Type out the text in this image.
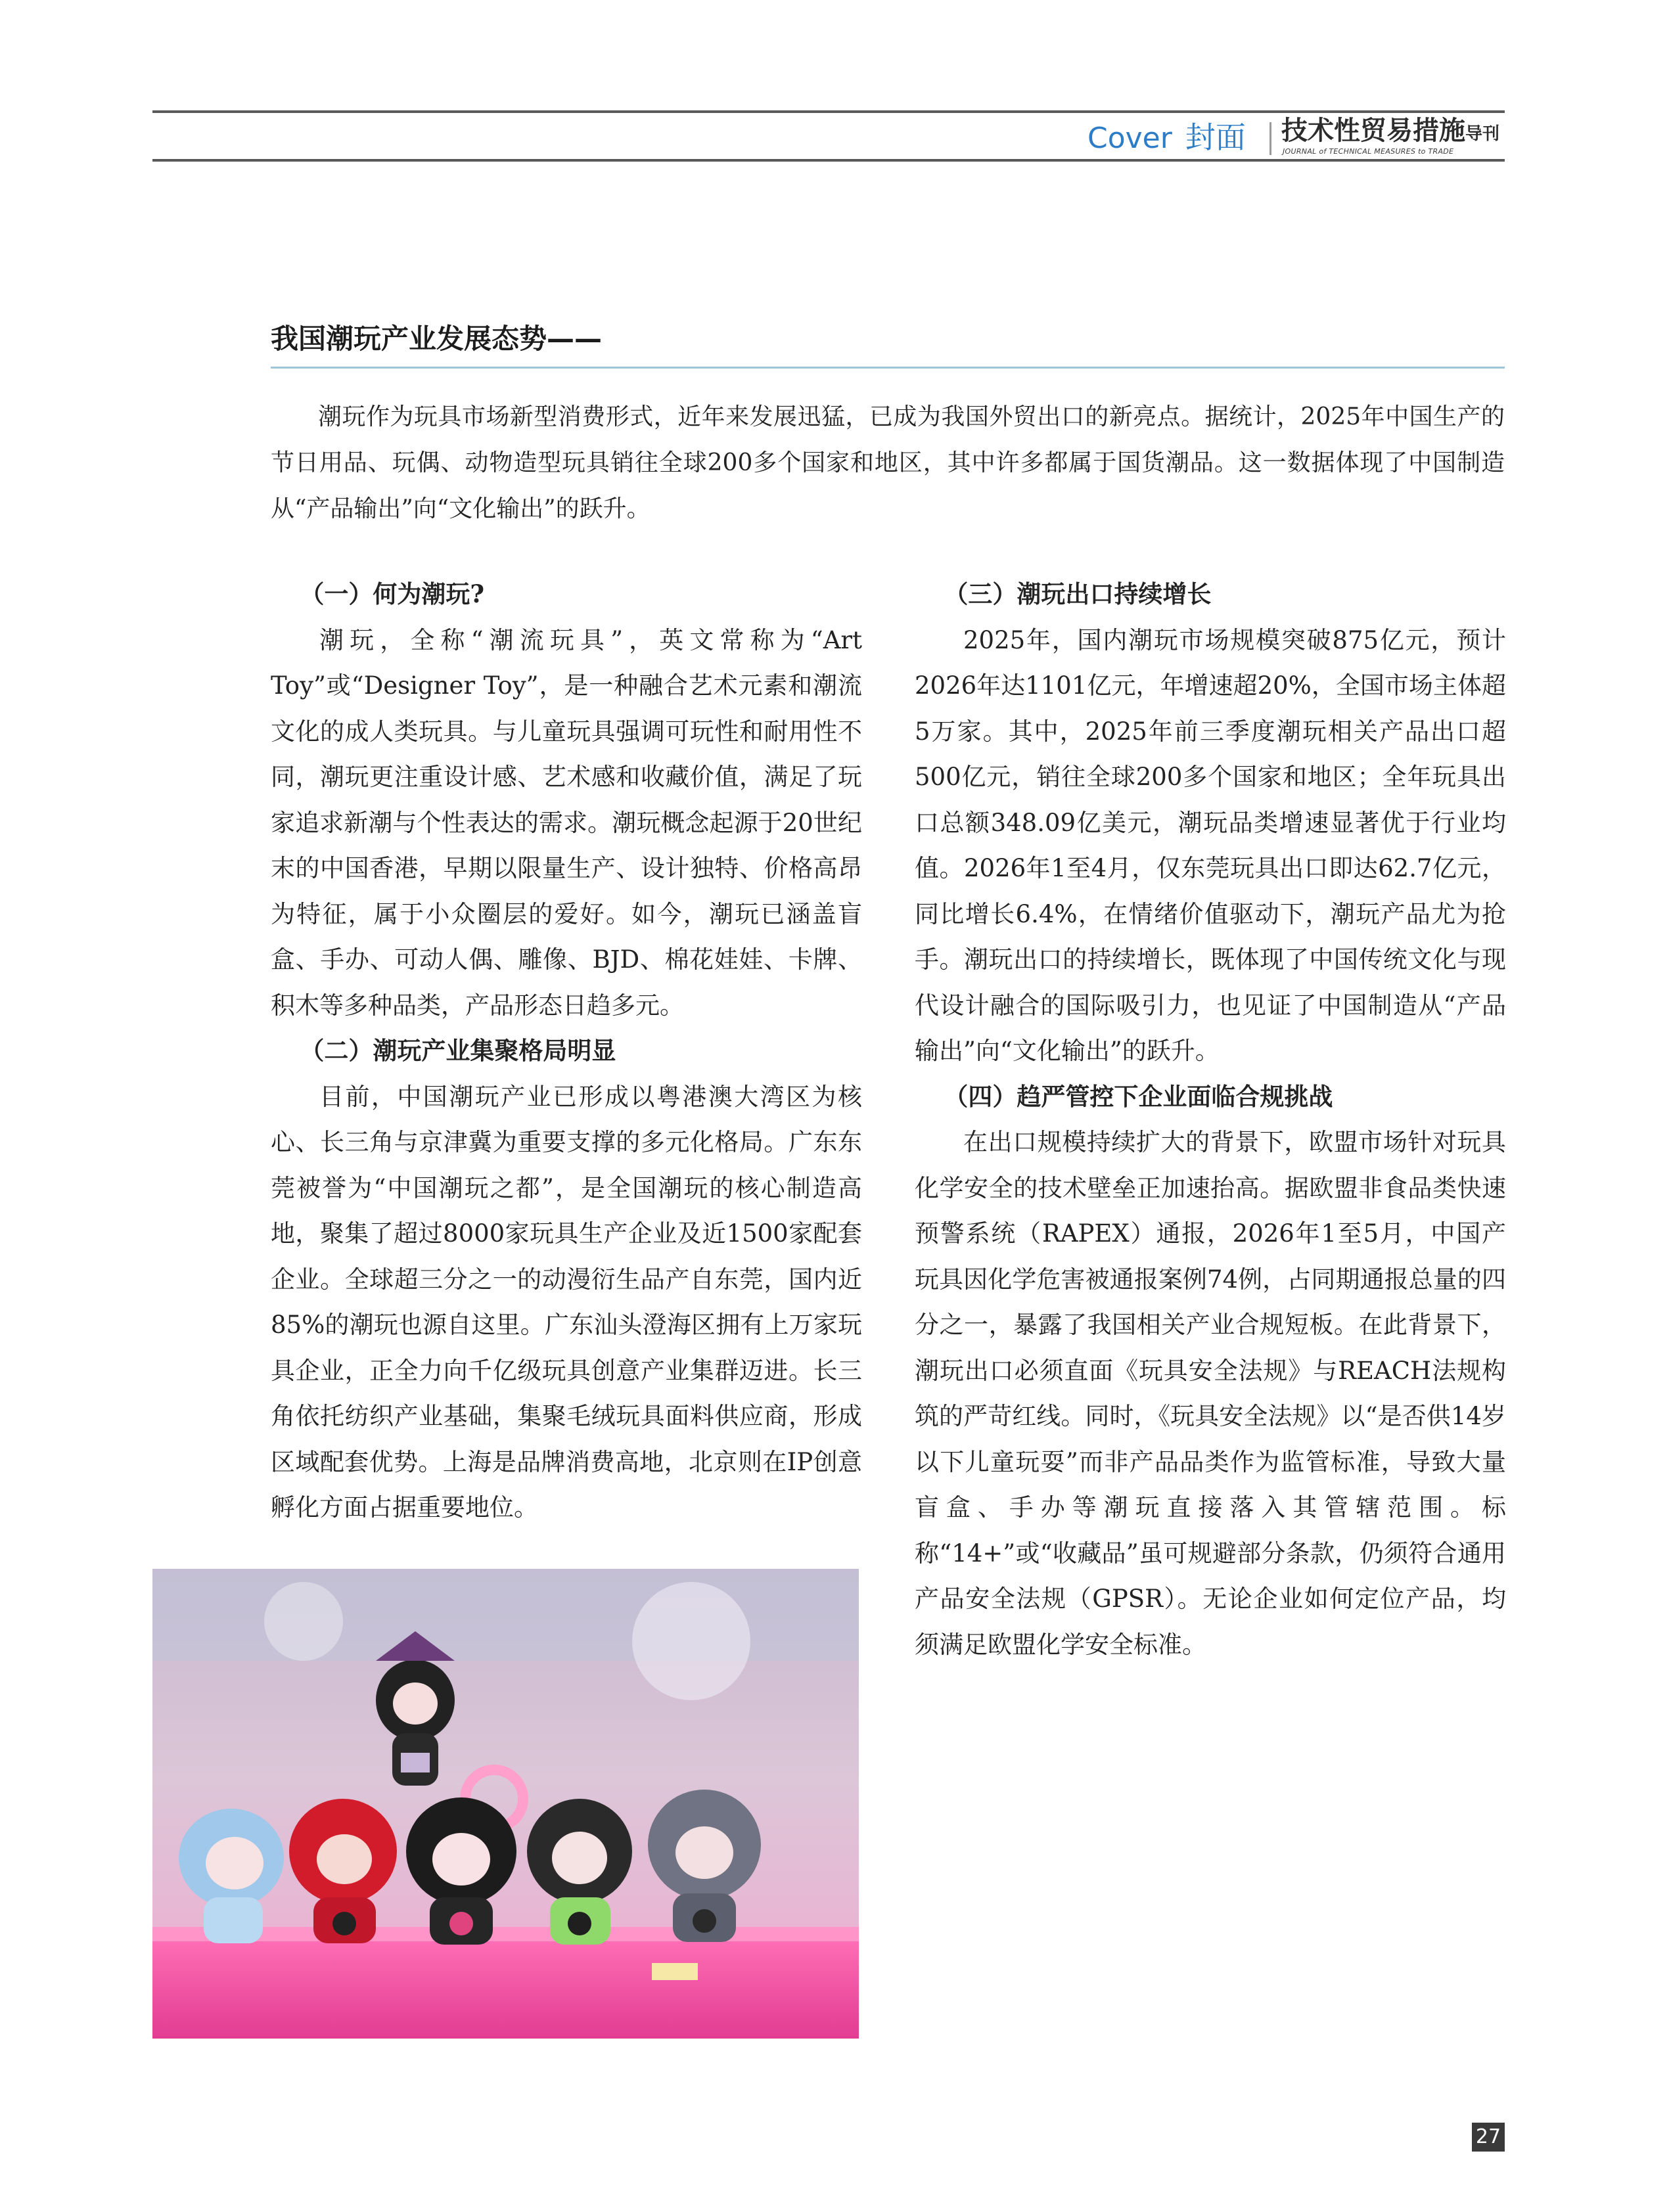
Cover 封面 技术性贸易措施导刊
JOURNAL of TECHNICAL MEASURES to TRADE
我国潮玩产业发展态势——

潮玩作为玩具市场新型消费形式，近年来发展迅猛，已成为我国外贸出口的新亮点。据统计，2025年中国生产的节日用品、玩偶、动物造型玩具销往全球200多个国家和地区，其中许多都属于国货潮品。这一数据体现了中国制造从“产品输出”向“文化输出”的跃升。

（一）何为潮玩?

潮玩，全称“潮流玩具”，英文常称为“Art Toy”或“Designer Toy”，是一种融合艺术元素和潮流文化的成人类玩具。与儿童玩具强调可玩性和耐用性不同，潮玩更注重设计感、艺术感和收藏价值，满足了玩家追求新潮与个性表达的需求。潮玩概念起源于20世纪末的中国香港，早期以限量生产、设计独特、价格高昂为特征，属于小众圈层的爱好。如今，潮玩已涵盖盲盒、手办、可动人偶、雕像、BJD、棉花娃娃、卡牌、积木等多种品类，产品形态日趋多元。

（二）潮玩产业集聚格局明显

目前，中国潮玩产业已形成以粤港澳大湾区为核心、长三角与京津冀为重要支撑的多元化格局。广东东莞被誉为“中国潮玩之都”，是全国潮玩的核心制造高地，聚集了超过8000家玩具生产企业及近1500家配套企业。全球超三分之一的动漫衍生品产自东莞，国内近85%的潮玩也源自这里。广东汕头澄海区拥有上万家玩具企业，正全力向千亿级玩具创意产业集群迈进。长三角依托纺织产业基础，集聚毛绒玩具面料供应商，形成区域配套优势。上海是品牌消费高地，北京则在IP创意孵化方面占据重要地位。

（三）潮玩出口持续增长

2025年，国内潮玩市场规模突破875亿元，预计2026年达1101亿元，年增速超20%，全国市场主体超5万家。其中，2025年前三季度潮玩相关产品出口超500亿元，销往全球200多个国家和地区；全年玩具出口总额348.09亿美元，潮玩品类增速显著优于行业均值。2026年1至4月，仅东莞玩具出口即达62.7亿元，同比增长6.4%，在情绪价值驱动下，潮玩产品尤为抢手。潮玩出口的持续增长，既体现了中国传统文化与现代设计融合的国际吸引力，也见证了中国制造从“产品输出”向“文化输出”的跃升。

（四）趋严管控下企业面临合规挑战

在出口规模持续扩大的背景下，欧盟市场针对玩具化学安全的技术壁垒正加速抬高。据欧盟非食品类快速预警系统（RAPEX）通报，2026年1至5月，中国产玩具因化学危害被通报案例74例，占同期通报总量的四分之一，暴露了我国相关产业合规短板。在此背景下，潮玩出口必须直面《玩具安全法规》与REACH法规构筑的严苛红线。同时，《玩具安全法规》以“是否供14岁以下儿童玩耍”而非产品品类作为监管标准，导致大量盲盒、手办等潮玩直接落入其管辖范围。标称“14+”或“收藏品”虽可规避部分条款，仍须符合通用产品安全法规（GPSR）。无论企业如何定位产品，均须满足欧盟化学安全标准。

27
